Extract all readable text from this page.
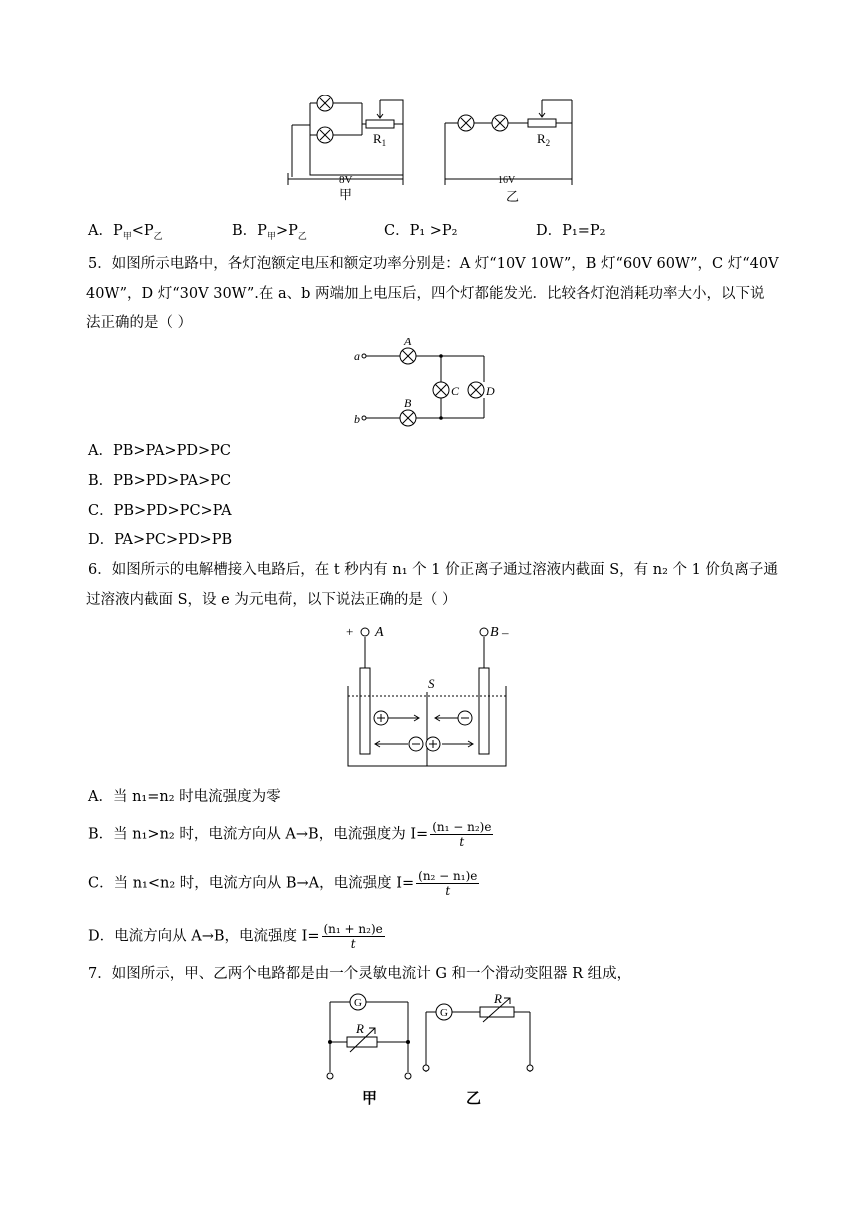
$R_1$	$R_2$
8V	16V
甲	乙
A．$P_甲<P_乙$	B．$P_甲>P_乙$	C．P₁ >P₂	D．P₁=P₂
5．如图所示电路中，各灯泡额定电压和额定功率分别是：A 灯“10V 10W”，B 灯“60V 60W”，C 灯“40V
40W”，D 灯“30V 30W”.在 a、b 两端加上电压后，四个灯都能发光．比较各灯泡消耗功率大小，以下说
法正确的是（ ）
a
b
A
B
C D
A．PB>PA>PD>PC
B．PB>PD>PA>PC
C．PB>PD>PC>PA
D．PA>PC>PD>PB
6．如图所示的电解槽接入电路后，在 t 秒内有 n₁ 个 1 价正离子通过溶液内截面 S，有 n₂ 个 1 价负离子通
过溶液内截面 S，设 e 为元电荷，以下说法正确的是（ ）
+ A	B –
S
A．当 n₁=n₂ 时电流强度为零
B．当 n₁>n₂ 时，电流方向从 A→B，电流强度为 $I= \frac{\text{(n₁ − n₂)e}}{t}$
C．当 n₁<n₂ 时，电流方向从 B→A，电流强度 $I= \frac{\text{(n₂ − n₁)e}}{t}$
D．电流方向从 A→B，电流强度 $I= \frac{\text{(n₁ + n₂)e}}{t}$
7．如图所示，甲、乙两个电路都是由一个灵敏电流计 G 和一个滑动变阻器 R 组成，
G
G
R
R
甲	乙
